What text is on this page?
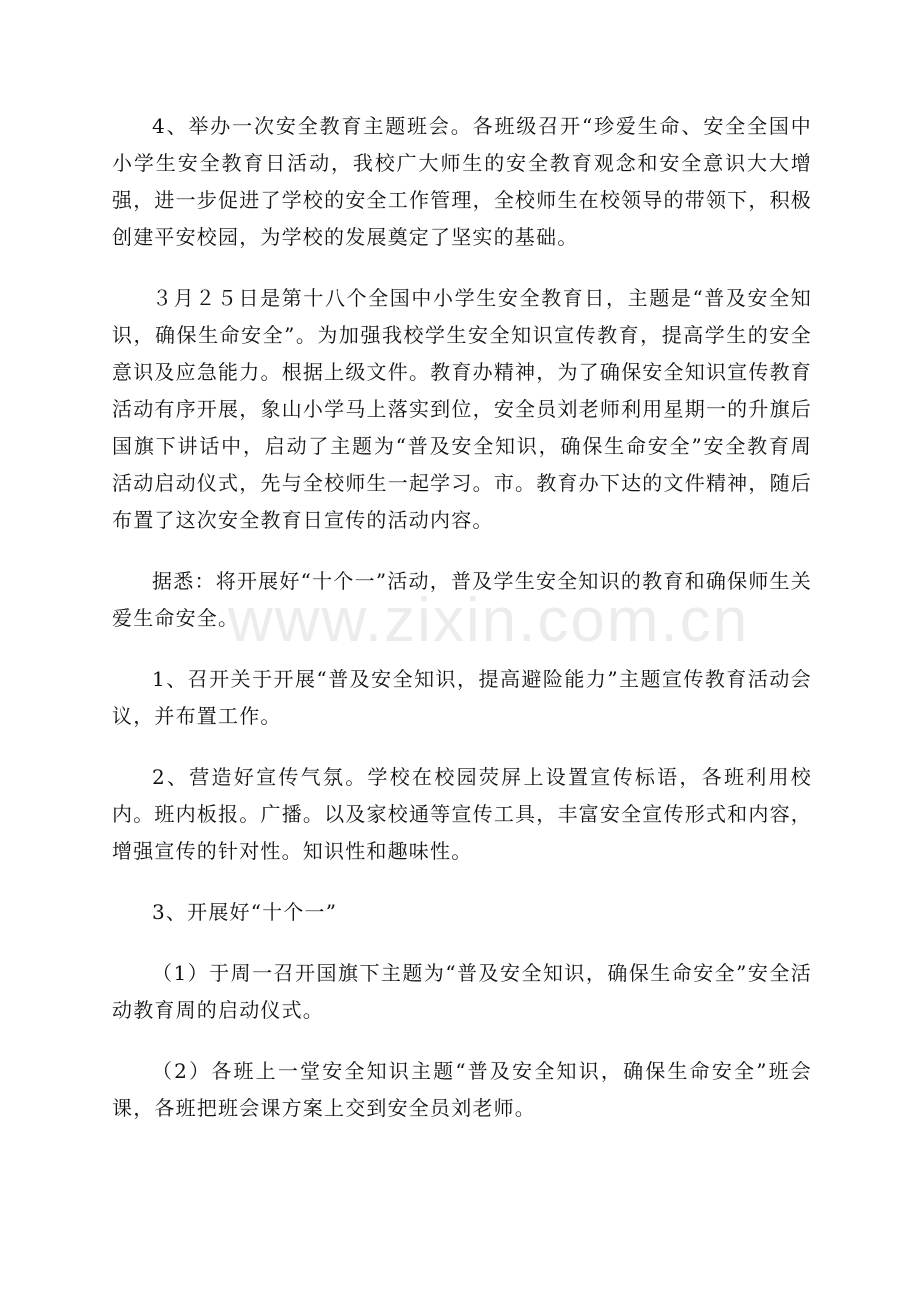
4、举办一次安全教育主题班会。各班级召开“珍爱生命、安全全国中小学生安全教育日活动，我校广大师生的安全教育观念和安全意识大大增强，进一步促进了学校的安全工作管理，全校师生在校领导的带领下，积极创建平安校园，为学校的发展奠定了坚实的基础。

３月２５日是第十八个全国中小学生安全教育日，主题是“普及安全知识，确保生命安全”。为加强我校学生安全知识宣传教育，提高学生的安全意识及应急能力。根据上级文件。教育办精神，为了确保安全知识宣传教育活动有序开展，象山小学马上落实到位，安全员刘老师利用星期一的升旗后国旗下讲话中，启动了主题为“普及安全知识，确保生命安全”安全教育周活动启动仪式，先与全校师生一起学习。市。教育办下达的文件精神，随后布置了这次安全教育日宣传的活动内容。

据悉：将开展好“十个一”活动，普及学生安全知识的教育和确保师生关爱生命安全。

1、召开关于开展“普及安全知识，提高避险能力”主题宣传教育活动会议，并布置工作。

2、营造好宣传气氛。学校在校园荧屏上设置宣传标语，各班利用校内。班内板报。广播。以及家校通等宣传工具，丰富安全宣传形式和内容，增强宣传的针对性。知识性和趣味性。

3、开展好“十个一”

（1）于周一召开国旗下主题为“普及安全知识，确保生命安全”安全活动教育周的启动仪式。

（2）各班上一堂安全知识主题“普及安全知识，确保生命安全”班会课，各班把班会课方案上交到安全员刘老师。

www.zixin.com.cn
